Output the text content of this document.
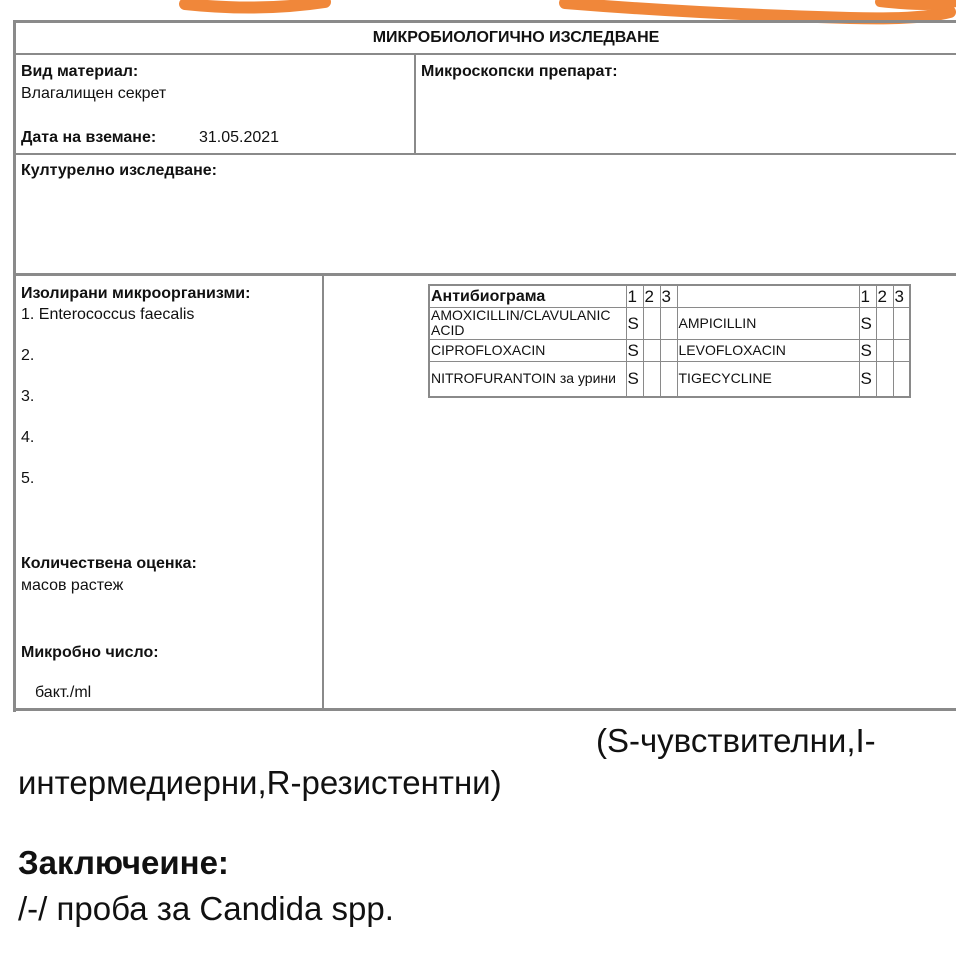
МИКРОБИОЛОГИЧНО ИЗСЛЕДВАНЕ
Вид материал:
Влагалищен секрет
Дата на вземане:	31.05.2021
Микроскопски препарат:
Културелно изследване:
Изолирани микроорганизми:
1. Enterococcus faecalis
2.
3.
4.
5.
Количествена оценка:
масов растеж
Микробно число:
бакт./ml
Антибиограма	1	2	3		1	2	3
AMOXICILLIN/CLAVULANIC ACID	S			AMPICILLIN	S		
CIPROFLOXACIN	S			LEVOFLOXACIN	S		
NITROFURANTOIN за урини	S			TIGECYCLINE	S		
(S-чувствителни,I-
интермедиерни,R-резистентни)
Заключеине:
/-/ проба за Candida spp.
